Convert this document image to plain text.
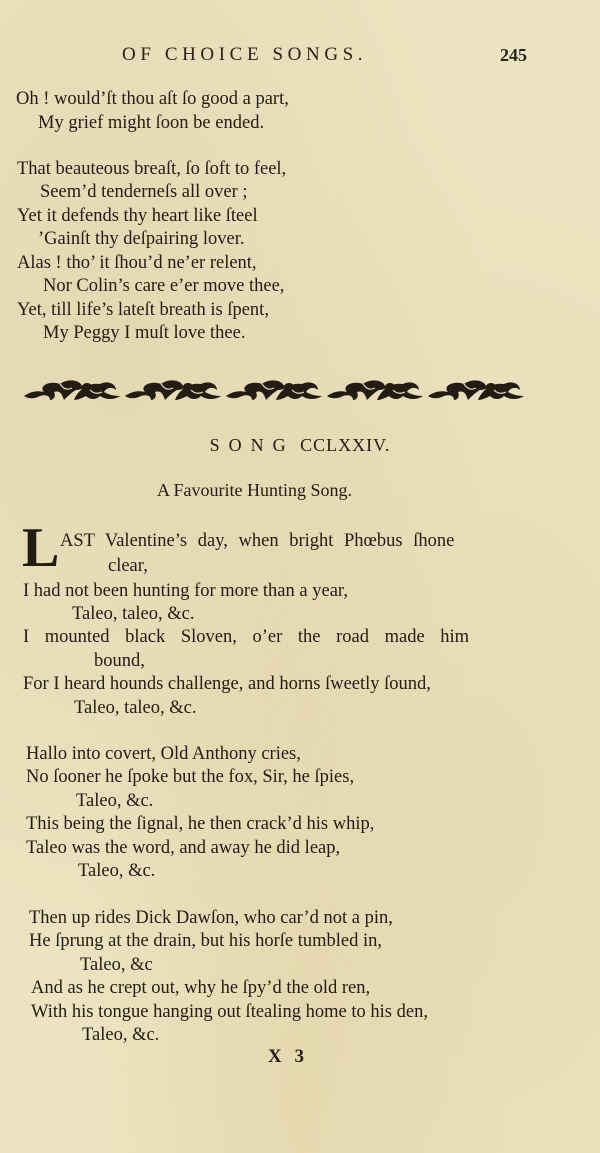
OF CHOICE SONGS.	245
Oh ! would’ſt thou aſt ſo good a part,
My grief might ſoon be ended.
That beauteous breaſt, ſo ſoft to feel,
Seem’d tenderneſs all over ;
Yet it defends thy heart like ſteel
’Gainſt thy deſpairing lover.
Alas ! tho’ it ſhou’d ne’er relent,
Nor Colin’s care e’er move thee,
Yet, till life’s lateſt breath is ſpent,
My Peggy I muſt love thee.
SONG CCLXXIV.
A Favourite Hunting Song.
L AST Valentine’s day, when bright Phœbus ſhone
clear,
I had not been hunting for more than a year,
Taleo, taleo, &c.
I mounted black Sloven, o’er the road made him
bound,
For I heard hounds challenge, and horns ſweetly ſound,
Taleo, taleo, &c.
Hallo into covert, Old Anthony cries,
No ſooner he ſpoke but the fox, Sir, he ſpies,
Taleo, &c.
This being the ſignal, he then crack’d his whip,
Taleo was the word, and away he did leap,
Taleo, &c.
Then up rides Dick Dawſon, who car’d not a pin,
He ſprung at the drain, but his horſe tumbled in,
Taleo, &c
And as he crept out, why he ſpy’d the old ren,
With his tongue hanging out ſtealing home to his den,
Taleo, &c.
X 3
